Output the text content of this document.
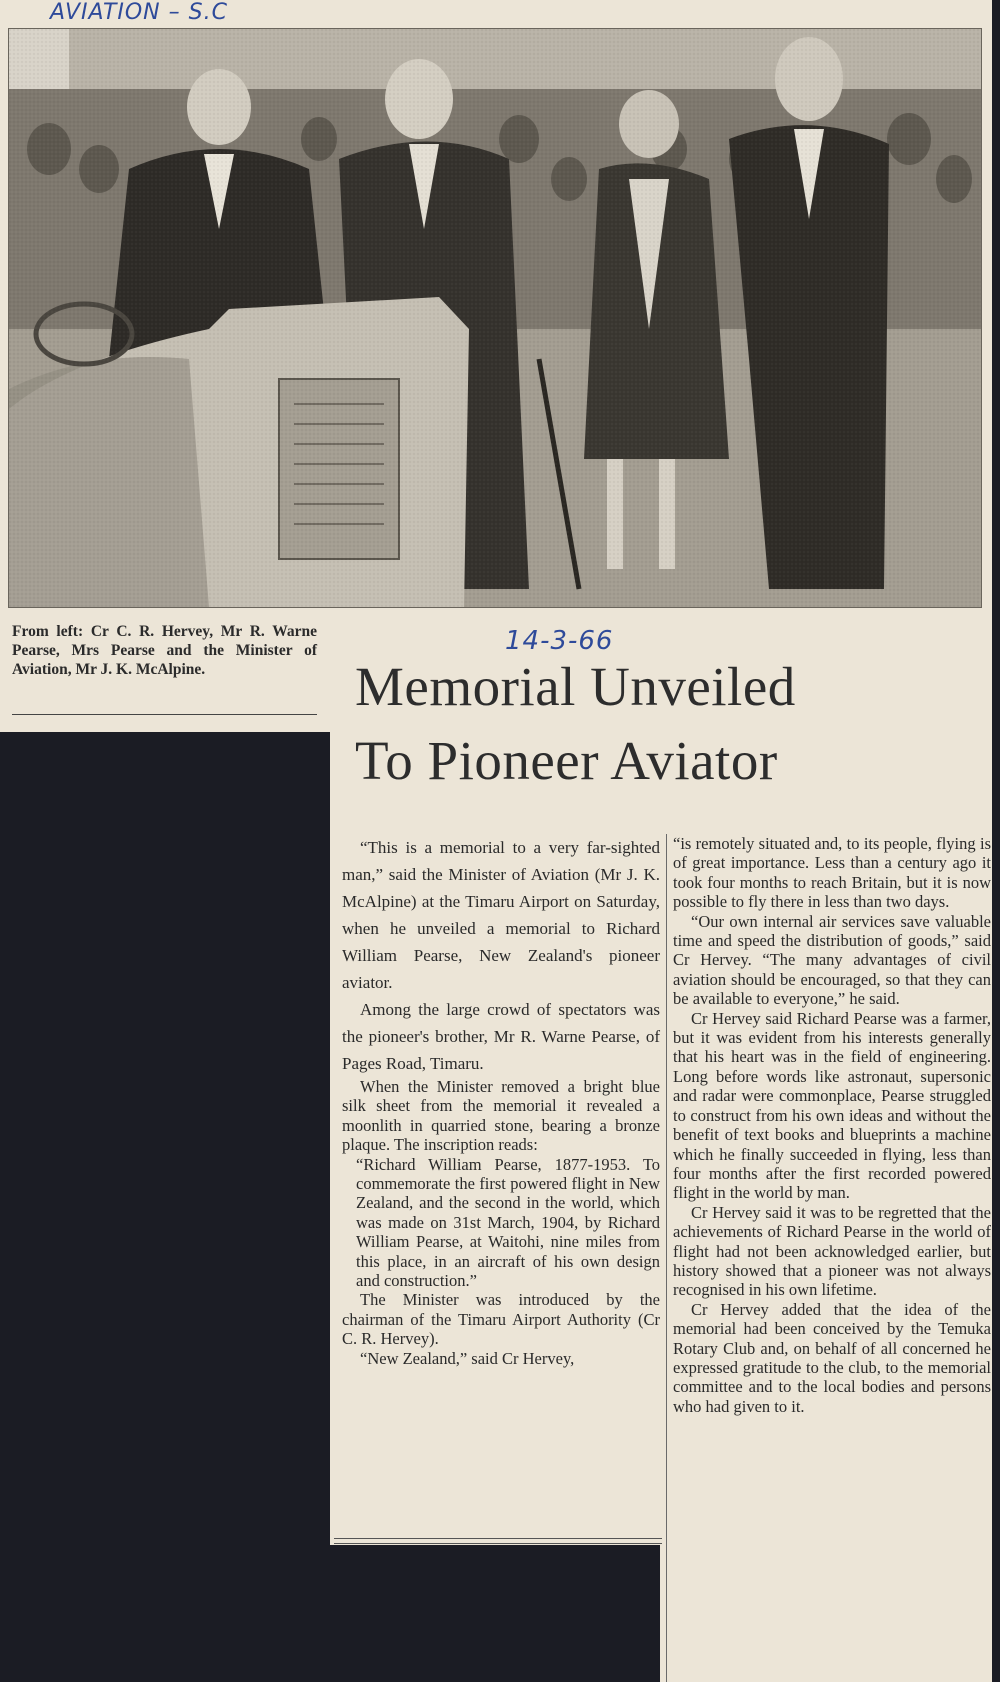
AVIATION – S.C
From left: Cr C. R. Hervey, Mr R. Warne Pearse, Mrs Pearse and the Minister of Aviation, Mr J. K. McAlpine.
14-3-66
Memorial Unveiled
To Pioneer Aviator

“This is a memorial to a very far-sighted man,” said the Minister of Aviation (Mr J. K. McAlpine) at the Timaru Airport on Saturday, when he unveiled a memorial to Richard William Pearse, New Zealand's pioneer aviator.

Among the large crowd of spectators was the pioneer's brother, Mr R. Warne Pearse, of Pages Road, Timaru.

When the Minister removed a bright blue silk sheet from the memorial it revealed a moonlith in quarried stone, bearing a bronze plaque. The inscription reads:

“Richard William Pearse, 1877-1953. To commemorate the first powered flight in New Zealand, and the second in the world, which was made on 31st March, 1904, by Richard William Pearse, at Waitohi, nine miles from this place, in an aircraft of his own design and construction.”

The Minister was introduced by the chairman of the Timaru Airport Authority (Cr C. R. Hervey).

“New Zealand,” said Cr Hervey,

“is remotely situated and, to its people, flying is of great importance. Less than a century ago it took four months to reach Britain, but it is now possible to fly there in less than two days.

“Our own internal air services save valuable time and speed the distribution of goods,” said Cr Hervey. “The many advantages of civil aviation should be encouraged, so that they can be available to everyone,” he said.

Cr Hervey said Richard Pearse was a farmer, but it was evident from his interests generally that his heart was in the field of engineering. Long before words like astronaut, supersonic and radar were commonplace, Pearse struggled to construct from his own ideas and without the benefit of text books and blueprints a machine which he finally succeeded in flying, less than four months after the first recorded powered flight in the world by man.

Cr Hervey said it was to be regretted that the achievements of Richard Pearse in the world of flight had not been acknowledged earlier, but history showed that a pioneer was not always recognised in his own lifetime.

Cr Hervey added that the idea of the memorial had been conceived by the Temuka Rotary Club and, on behalf of all concerned he expressed gratitude to the club, to the memorial committee and to the local bodies and persons who had given to it.
